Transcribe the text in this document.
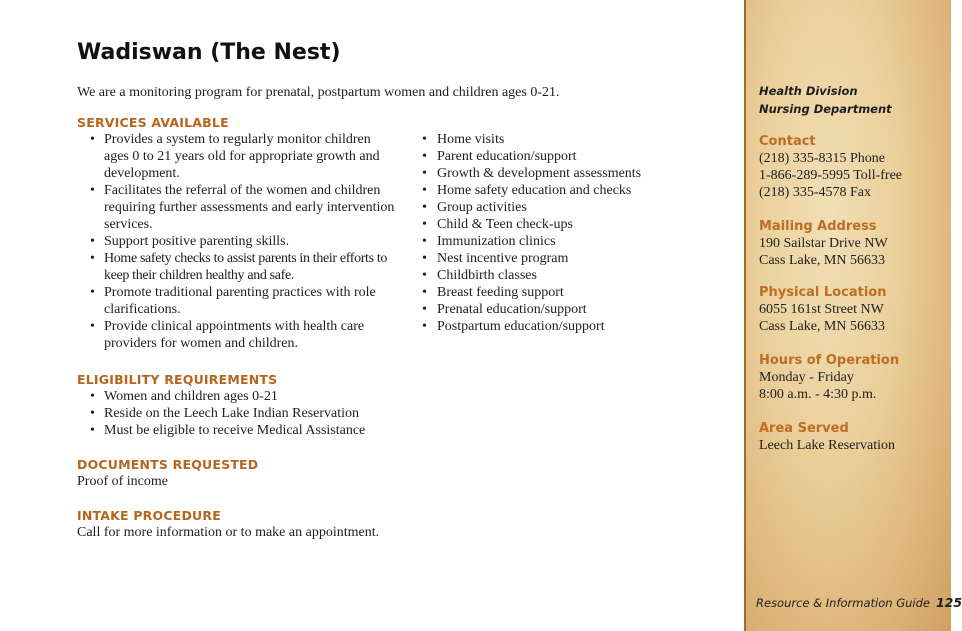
Wadiswan (The Nest)
We are a monitoring program for prenatal, postpartum women and children ages 0-21.
SERVICES AVAILABLE
• Provides a system to regularly monitor children ages 0 to 21 years old for appropriate growth and development.
• Facilitates the referral of the women and children requiring further assessments and early intervention services.
• Support positive parenting skills.
• Home safety checks to assist parents in their efforts to keep their children healthy and safe.
• Promote traditional parenting practices with role clarifications.
• Provide clinical appointments with health care providers for women and children.
• Home visits
• Parent education/support
• Growth & development assessments
• Home safety education and checks
• Group activities
• Child & Teen check-ups
• Immunization clinics
• Nest incentive program
• Childbirth classes
• Breast feeding support
• Prenatal education/support
• Postpartum education/support
ELIGIBILITY REQUIREMENTS
• Women and children ages 0-21
• Reside on the Leech Lake Indian Reservation
• Must be eligible to receive Medical Assistance
DOCUMENTS REQUESTED
Proof of income
INTAKE PROCEDURE
Call for more information or to make an appointment.
Health Division
Nursing Department
Contact
(218) 335-8315 Phone
1-866-289-5995 Toll-free
(218) 335-4578 Fax
Mailing Address
190 Sailstar Drive NW
Cass Lake, MN 56633
Physical Location
6055 161st Street NW
Cass Lake, MN 56633
Hours of Operation
Monday - Friday
8:00 a.m. - 4:30 p.m.
Area Served
Leech Lake Reservation
Resource & Information Guide 125
